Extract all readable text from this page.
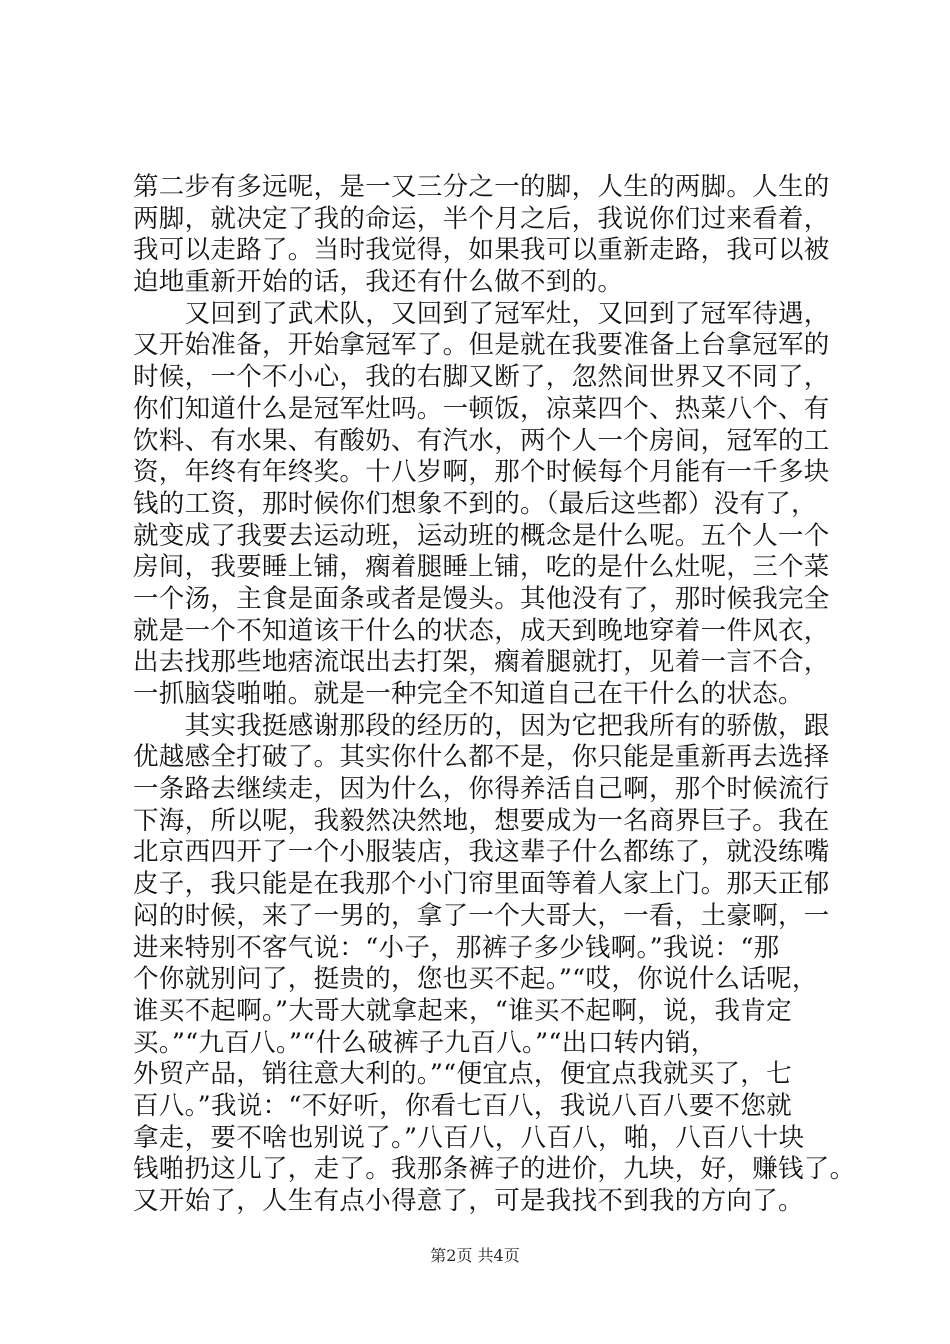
第二步有多远呢，是一又三分之一的脚，人生的两脚。人生的
两脚，就决定了我的命运，半个月之后，我说你们过来看着，
我可以走路了。当时我觉得，如果我可以重新走路，我可以被
迫地重新开始的话，我还有什么做不到的。
　　又回到了武术队，又回到了冠军灶，又回到了冠军待遇，
又开始准备，开始拿冠军了。但是就在我要准备上台拿冠军的
时候，一个不小心，我的右脚又断了，忽然间世界又不同了，
你们知道什么是冠军灶吗。一顿饭，凉菜四个、热菜八个、有
饮料、有水果、有酸奶、有汽水，两个人一个房间，冠军的工
资，年终有年终奖。十八岁啊，那个时候每个月能有一千多块
钱的工资，那时候你们想象不到的。（最后这些都）没有了，
就变成了我要去运动班，运动班的概念是什么呢。五个人一个
房间，我要睡上铺，瘸着腿睡上铺，吃的是什么灶呢，三个菜
一个汤，主食是面条或者是馒头。其他没有了，那时候我完全
就是一个不知道该干什么的状态，成天到晚地穿着一件风衣，
出去找那些地痞流氓出去打架，瘸着腿就打，见着一言不合，
一抓脑袋啪啪。就是一种完全不知道自己在干什么的状态。
　　其实我挺感谢那段的经历的，因为它把我所有的骄傲，跟
优越感全打破了。其实你什么都不是，你只能是重新再去选择
一条路去继续走，因为什么，你得养活自己啊，那个时候流行
下海，所以呢，我毅然决然地，想要成为一名商界巨子。我在
北京西四开了一个小服装店，我这辈子什么都练了，就没练嘴
皮子，我只能是在我那个小门帘里面等着人家上门。那天正郁
闷的时候，来了一男的，拿了一个大哥大，一看，土豪啊，一
进来特别不客气说：“小子，那裤子多少钱啊。”我说：“那
个你就别问了，挺贵的，您也买不起。”“哎，你说什么话呢，
谁买不起啊。”大哥大就拿起来，“谁买不起啊，说，我肯定
买。”“九百八。”“什么破裤子九百八。”“出口转内销，
外贸产品，销往意大利的。”“便宜点，便宜点我就买了，七
百八。”我说：“不好听，你看七百八，我说八百八要不您就
拿走，要不啥也别说了。”八百八，八百八，啪，八百八十块
钱啪扔这儿了，走了。我那条裤子的进价，九块，好，赚钱了。
又开始了，人生有点小得意了，可是我找不到我的方向了。
第2页 共4页
